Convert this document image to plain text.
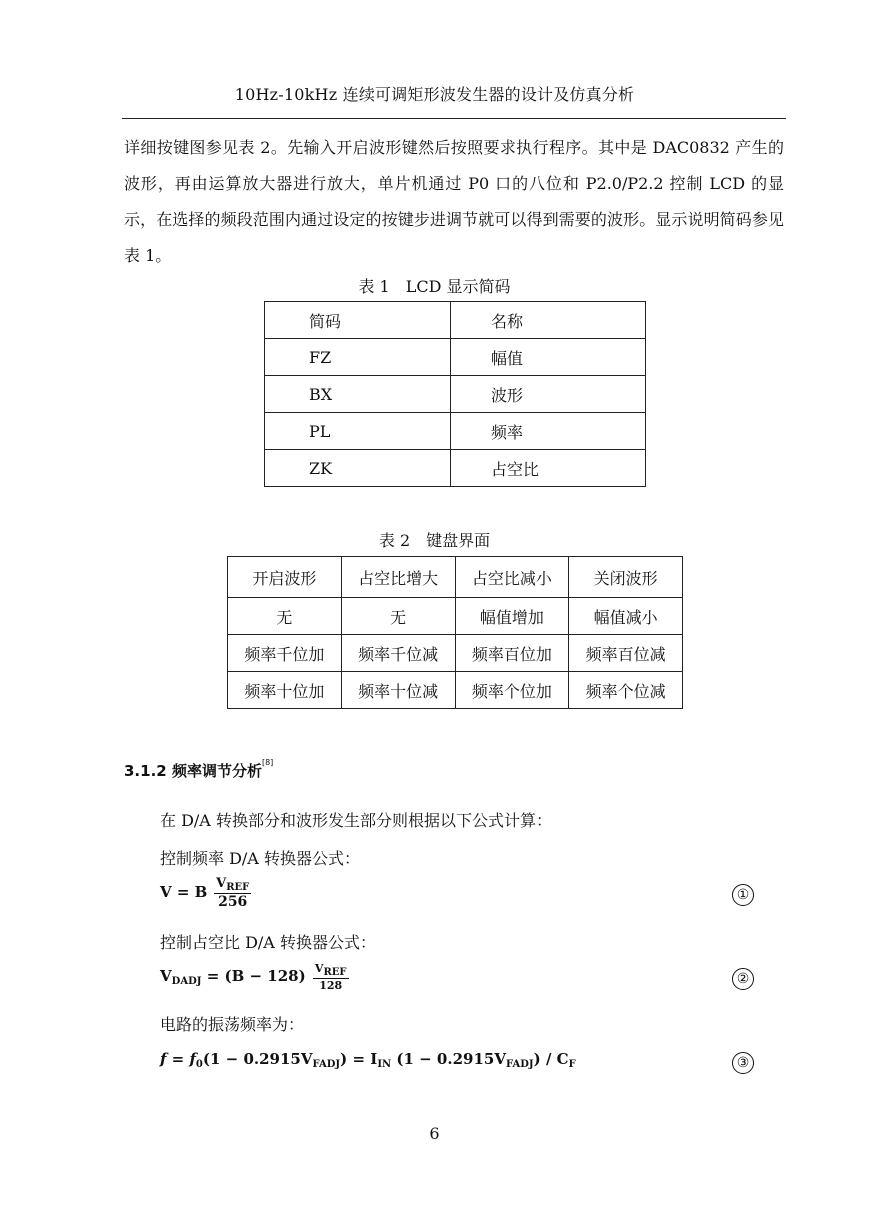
10Hz-10kHz 连续可调矩形波发生器的设计及仿真分析
详细按键图参见表 2。先输入开启波形键然后按照要求执行程序。其中是 DAC0832 产生的波形，再由运算放大器进行放大，单片机通过 P0 口的八位和 P2.0/P2.2 控制 LCD 的显示，在选择的频段范围内通过设定的按键步进调节就可以得到需要的波形。显示说明简码参见表 1。
表 1　LCD 显示简码
简码	名称
FZ	幅值
BX	波形
PL	频率
ZK	占空比
表 2　键盘界面
开启波形	占空比增大	占空比减小	关闭波形
无	无	幅值增加	幅值减小
频率千位加	频率千位减	频率百位加	频率百位减
频率十位加	频率十位减	频率个位加	频率个位减
3.1.2 频率调节分析[8]
在 D/A 转换部分和波形发生部分则根据以下公式计算：
控制频率 D/A 转换器公式：
V = B $\frac{V_{REF}}{256}$	①
控制占空比 D/A 转换器公式：
$V_{DADJ} = (B - 128) \frac{\text{VREF}}{128}$	②
电路的振荡频率为：
$f = f_0(1 - 0.2915V_{FADJ}) = I_{IN}$ $(1 - 0.2915V_{FADJ}) / C_F$	③
6
